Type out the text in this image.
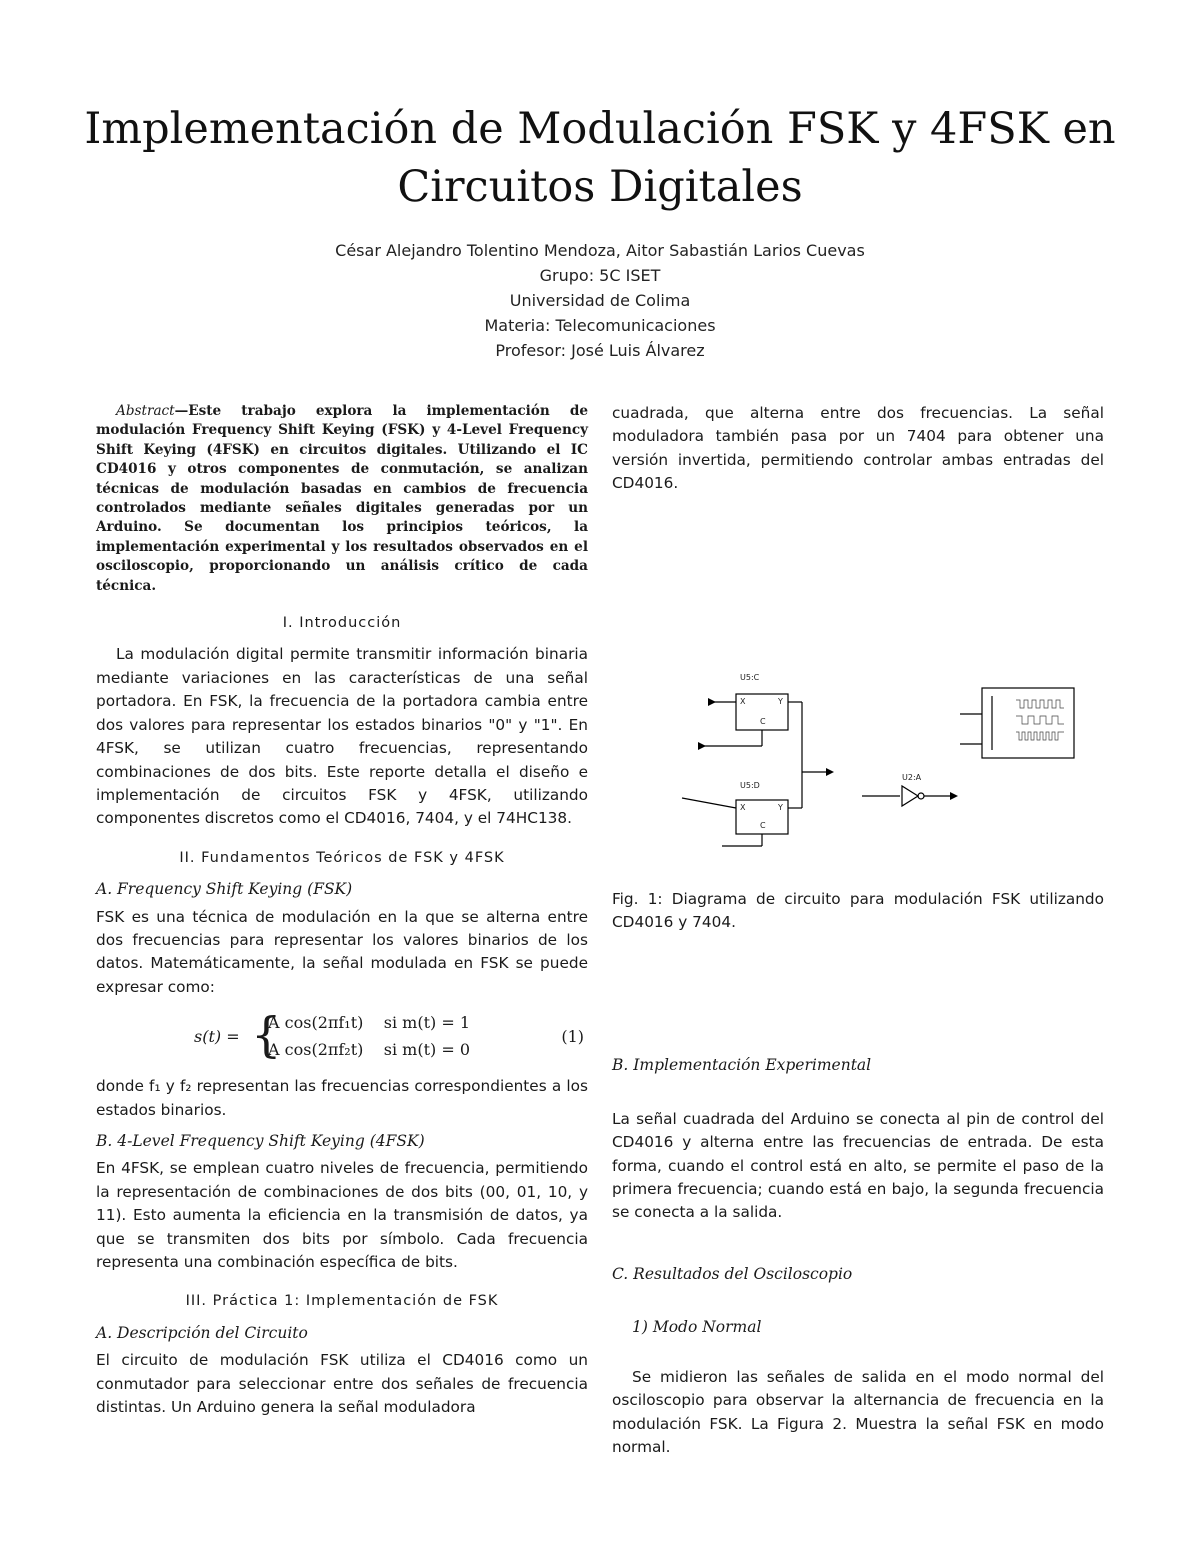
Implementación de Modulación FSK y 4FSK en
Circuitos Digitales
César Alejandro Tolentino Mendoza, Aitor Sabastián Larios Cuevas
Grupo: 5C ISET
Universidad de Colima
Materia: Telecomunicaciones
Profesor: José Luis Álvarez

Abstract—Este trabajo explora la implementación de modulación Frequency Shift Keying (FSK) y 4-Level Frequency Shift Keying (4FSK) en circuitos digitales. Utilizando el IC CD4016 y otros componentes de conmutación, se analizan técnicas de modulación basadas en cambios de frecuencia controlados mediante señales digitales generadas por un Arduino. Se documentan los principios teóricos, la implementación experimental y los resultados observados en el osciloscopio, proporcionando un análisis crítico de cada técnica.

I. Introducción

La modulación digital permite transmitir información binaria mediante variaciones en las características de una señal portadora. En FSK, la frecuencia de la portadora cambia entre dos valores para representar los estados binarios "0" y "1". En 4FSK, se utilizan cuatro frecuencias, representando combinaciones de dos bits. Este reporte detalla el diseño e implementación de circuitos FSK y 4FSK, utilizando componentes discretos como el CD4016, 7404, y el 74HC138.

II. Fundamentos Teóricos de FSK y 4FSK
A. Frequency Shift Keying (FSK)

FSK es una técnica de modulación en la que se alterna entre dos frecuencias para representar los valores binarios de los datos. Matemáticamente, la señal modulada en FSK se puede expresar como:

s(t) = {
A cos(2πf₁t)    si m(t) = 1
A cos(2πf₂t)    si m(t) = 0
(1)

donde f₁ y f₂ representan las frecuencias correspondientes a los estados binarios.

B. 4-Level Frequency Shift Keying (4FSK)

En 4FSK, se emplean cuatro niveles de frecuencia, permitiendo la representación de combinaciones de dos bits (00, 01, 10, y 11). Esto aumenta la eficiencia en la transmisión de datos, ya que se transmiten dos bits por símbolo. Cada frecuencia representa una combinación específica de bits.

III. Práctica 1: Implementación de FSK
A. Descripción del Circuito

El circuito de modulación FSK utiliza el CD4016 como un conmutador para seleccionar entre dos señales de frecuencia distintas. Un Arduino genera la señal moduladora

cuadrada, que alterna entre dos frecuencias. La señal moduladora también pasa por un 7404 para obtener una versión invertida, permitiendo controlar ambas entradas del CD4016.

U5:C
U5:D
U2:A
X	Y
C
X	Y
C

Fig. 1: Diagrama de circuito para modulación FSK utilizando CD4016 y 7404.

B. Implementación Experimental

La señal cuadrada del Arduino se conecta al pin de control del CD4016 y alterna entre las frecuencias de entrada. De esta forma, cuando el control está en alto, se permite el paso de la primera frecuencia; cuando está en bajo, la segunda frecuencia se conecta a la salida.

C. Resultados del Osciloscopio
1) Modo Normal

Se midieron las señales de salida en el modo normal del osciloscopio para observar la alternancia de frecuencia en la modulación FSK. La Figura 2. Muestra la señal FSK en modo normal.
